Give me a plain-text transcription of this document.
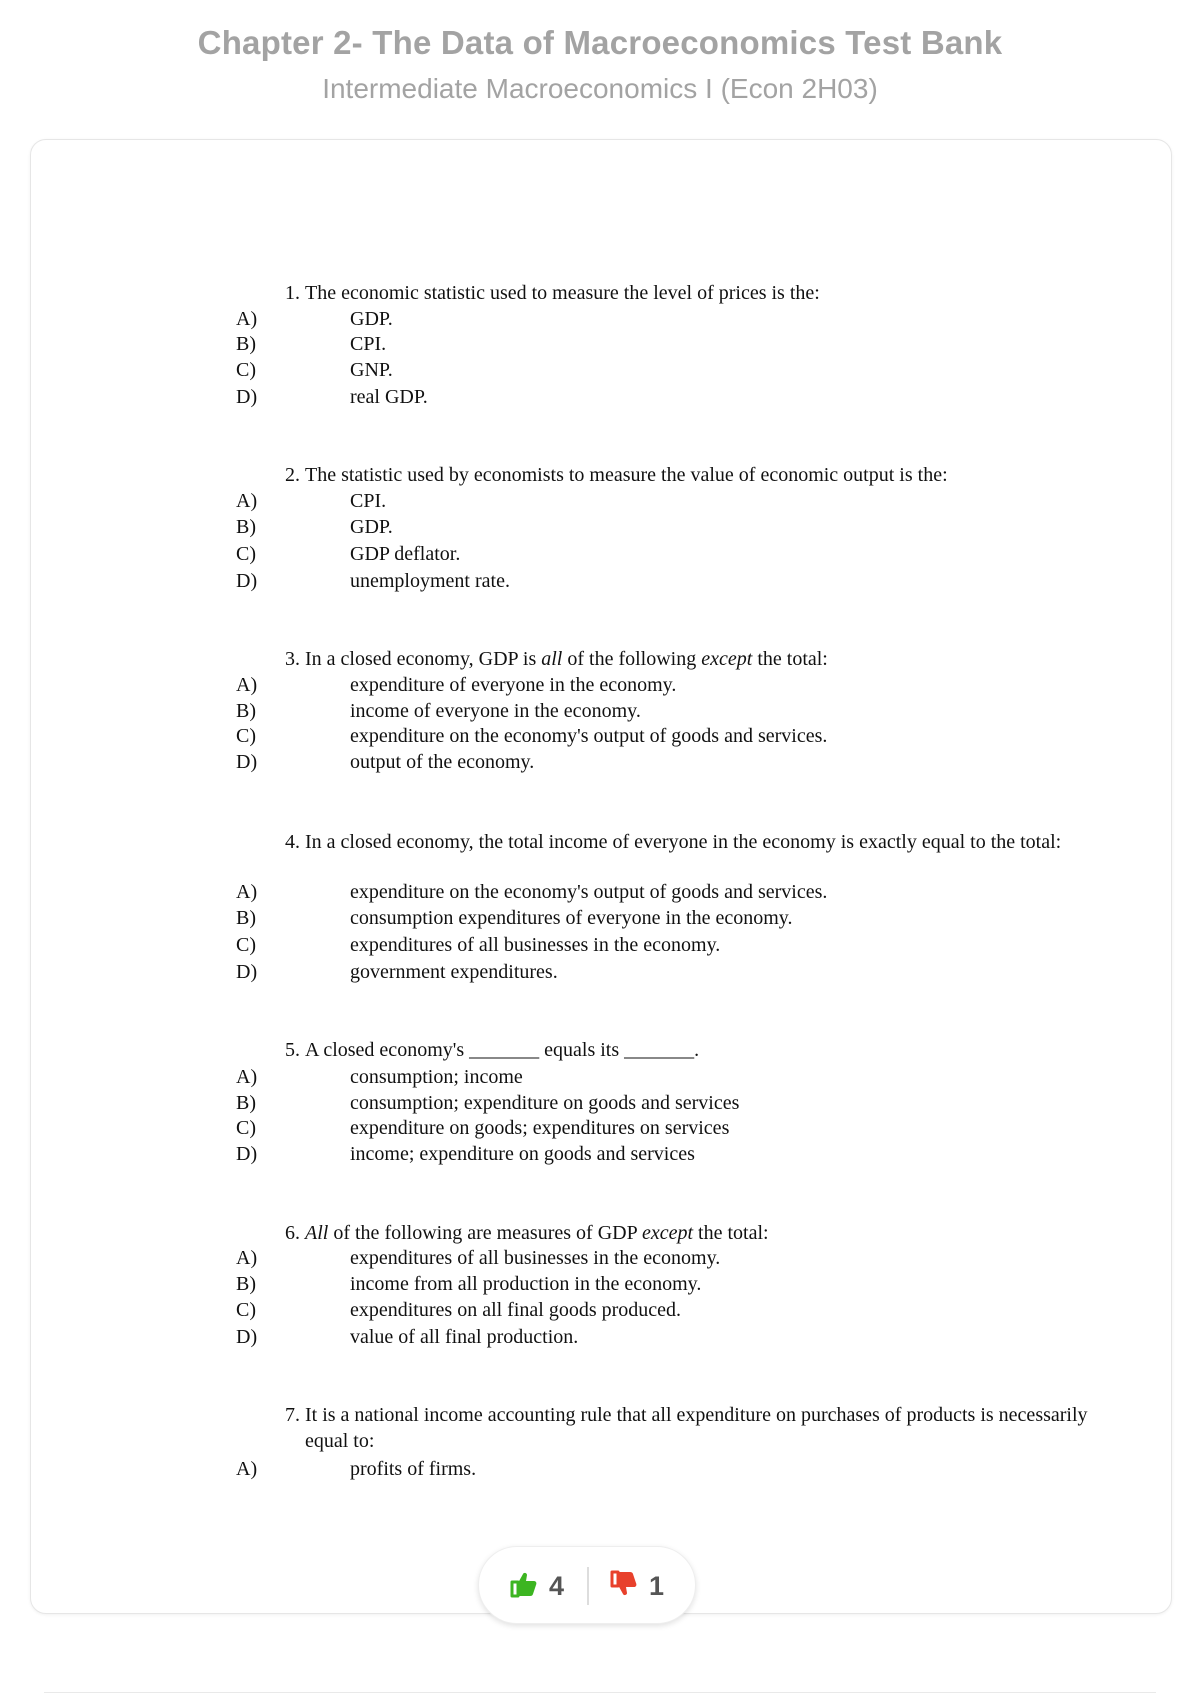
Chapter 2- The Data of Macroeconomics Test Bank
Intermediate Macroeconomics I (Econ 2H03)
1. The economic statistic used to measure the level of prices is the:
A)	GDP.
B)	CPI.
C)	GNP.
D)	real GDP.
2. The statistic used by economists to measure the value of economic output is the:
A)	CPI.
B)	GDP.
C)	GDP deflator.
D)	unemployment rate.
3. In a closed economy, GDP is all of the following except the total:
A)	expenditure of everyone in the economy.
B)	income of everyone in the economy.
C)	expenditure on the economy's output of goods and services.
D)	output of the economy.
4. In a closed economy, the total income of everyone in the economy is exactly equal to the total:
A)	expenditure on the economy's output of goods and services.
B)	consumption expenditures of everyone in the economy.
C)	expenditures of all businesses in the economy.
D)	government expenditures.
5. A closed economy's _______ equals its _______.
A)	consumption; income
B)	consumption; expenditure on goods and services
C)	expenditure on goods; expenditures on services
D)	income; expenditure on goods and services
6. All of the following are measures of GDP except the total:
A)	expenditures of all businesses in the economy.
B)	income from all production in the economy.
C)	expenditures on all final goods produced.
D)	value of all final production.
7. It is a national income accounting rule that all expenditure on purchases of products is necessarily equal to:
A)	profits of firms.
4	1
